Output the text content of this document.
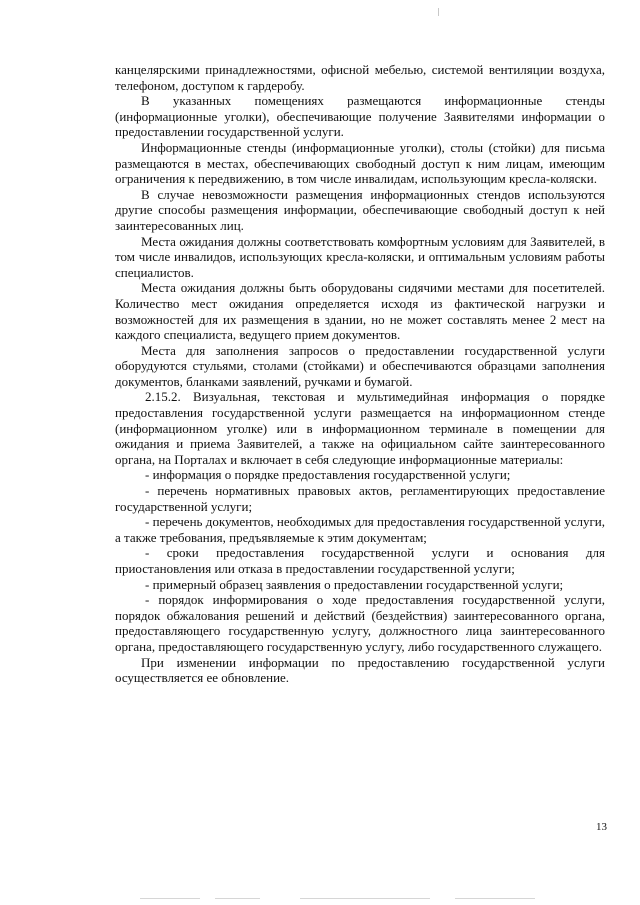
канцелярскими принадлежностями, офисной мебелью, системой вентиляции воздуха, телефоном, доступом к гардеробу.

В указанных помещениях размещаются информационные стенды (информационные уголки), обеспечивающие получение Заявителями информации о предоставлении государственной услуги.

Информационные стенды (информационные уголки), столы (стойки) для письма размещаются в местах, обеспечивающих свободный доступ к ним лицам, имеющим ограничения к передвижению, в том числе инвалидам, использующим кресла-коляски.

В случае невозможности размещения информационных стендов используются другие способы размещения информации, обеспечивающие свободный доступ к ней заинтересованных лиц.

Места ожидания должны соответствовать комфортным условиям для Заявителей, в том числе инвалидов, использующих кресла-коляски, и оптимальным условиям работы специалистов.

Места ожидания должны быть оборудованы сидячими местами для посетителей. Количество мест ожидания определяется исходя из фактической нагрузки и возможностей для их размещения в здании, но не может составлять менее 2 мест на каждого специалиста, ведущего прием документов.

Места для заполнения запросов о предоставлении государственной услуги оборудуются стульями, столами (стойками) и обеспечиваются образцами заполнения документов, бланками заявлений, ручками и бумагой.

2.15.2. Визуальная, текстовая и мультимедийная информация о порядке предоставления государственной услуги размещается на информационном стенде (информационном уголке) или в информационном терминале в помещении для ожидания и приема Заявителей, а также на официальном сайте заинтересованного органа, на Порталах и включает в себя следующие информационные материалы:

- информация о порядке предоставления государственной услуги;

- перечень нормативных правовых актов, регламентирующих предоставление государственной услуги;

- перечень документов, необходимых для предоставления государственной услуги, а также требования, предъявляемые к этим документам;

- сроки предоставления государственной услуги и основания для приостановления или отказа в предоставлении государственной услуги;

- примерный образец заявления о предоставлении государственной услуги;

- порядок информирования о ходе предоставления государственной услуги, порядок обжалования решений и действий (бездействия) заинтересованного органа, предоставляющего государственную услугу, должностного лица заинтересованного органа, предоставляющего государственную услугу, либо государственного служащего.

При изменении информации по предоставлению государственной услуги осуществляется ее обновление.

13
